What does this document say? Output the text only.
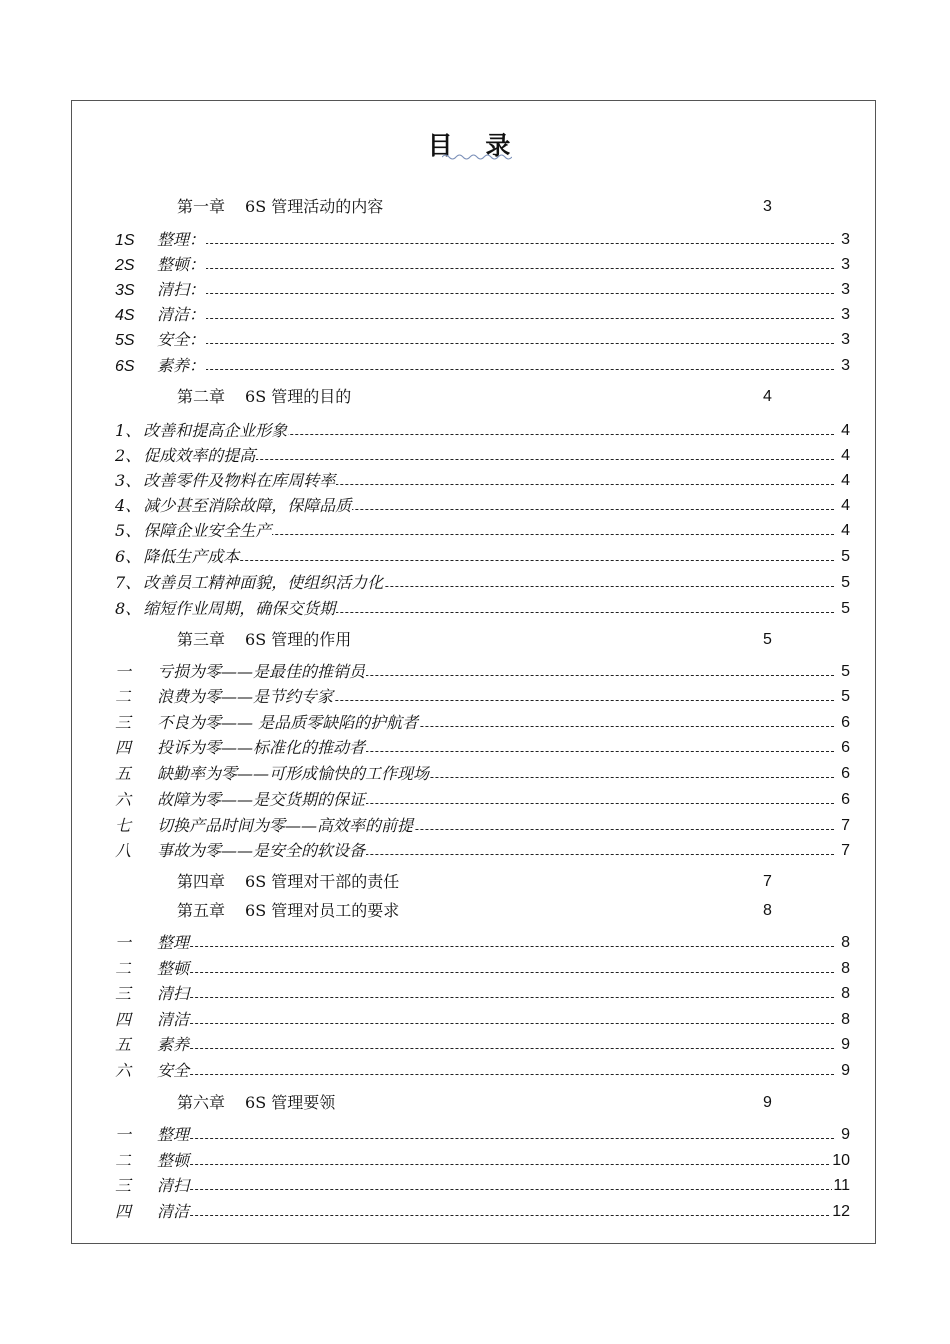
目 录
第一章 6S 管理活动的内容	3
1S 整理：	3
2S 整顿：	3
3S 清扫：	3
4S 清洁：	3
5S 安全：	3
6S 素养：	3
第二章 6S 管理的目的	4
1、 改善和提高企业形象	4
2、 促成效率的提高	4
3、 改善零件及物料在库周转率	4
4、 减少甚至消除故障，保障品质	4
5、 保障企业安全生产	4
6、 降低生产成本	5
7、 改善员工精神面貌，使组织活力化	5
8、 缩短作业周期，确保交货期	5
第三章 6S 管理的作用	5
一 亏损为零——是最佳的推销员	5
二 浪费为零——是节约专家	5
三 不良为零—— 是品质零缺陷的护航者	6
四 投诉为零——标准化的推动者	6
五 缺勤率为零——可形成愉快的工作现场	6
六 故障为零——是交货期的保证	6
七 切换产品时间为零——高效率的前提	7
八 事故为零——是安全的软设备	7
第四章 6S 管理对干部的责任	7
第五章 6S 管理对员工的要求	8
一 整理	8
二 整顿	8
三 清扫	8
四 清洁	8
五 素养	9
六 安全	9
第六章 6S 管理要领	9
一 整理	9
二 整顿	10
三 清扫	11
四 清洁	12
